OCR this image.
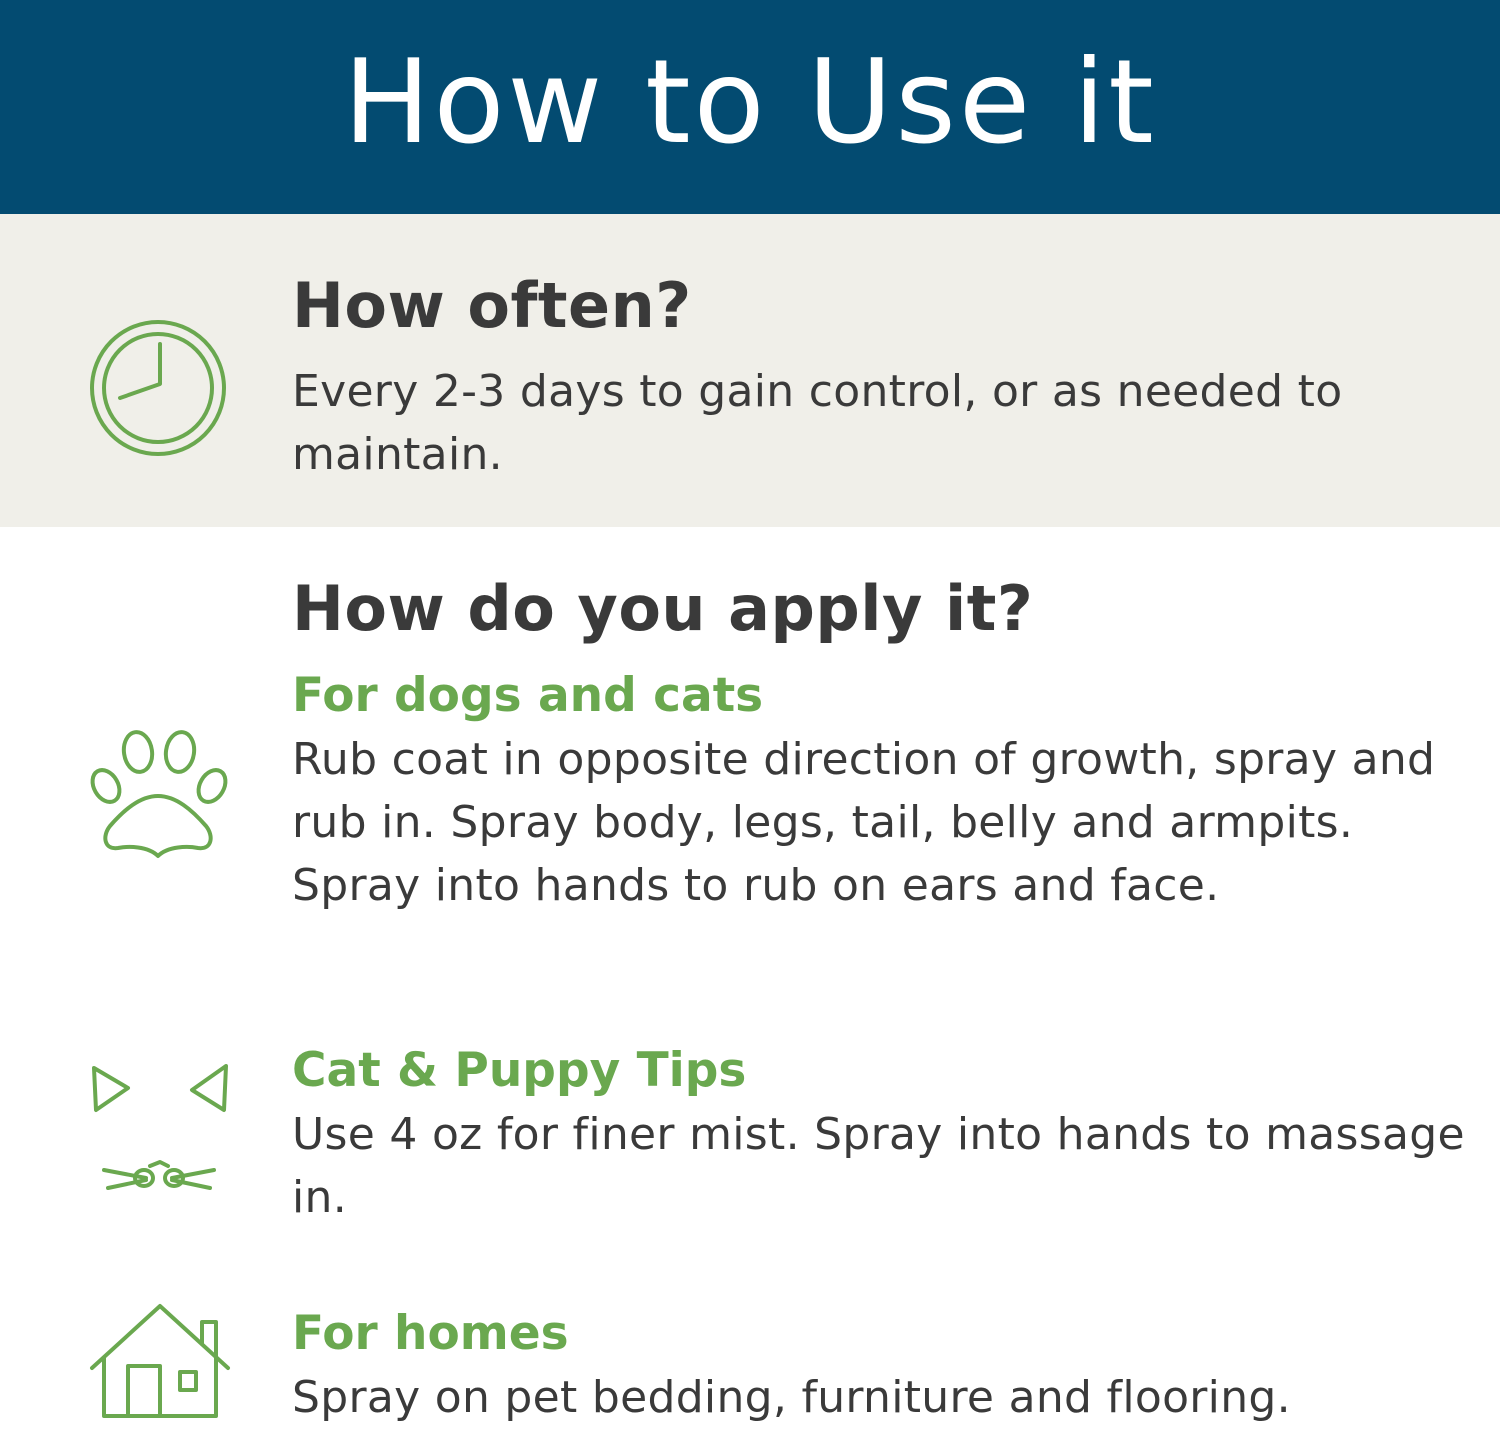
How to Use it
How often?

Every 2-3 days to gain control, or as needed to maintain.

How do you apply it?

For dogs and cats

Rub coat in opposite direction of growth, spray and rub in. Spray body, legs, tail, belly and armpits. Spray into hands to rub on ears and face.

Cat & Puppy Tips

Use 4 oz for finer mist. Spray into hands to massage in.

For homes

Spray on pet bedding, furniture and flooring.
